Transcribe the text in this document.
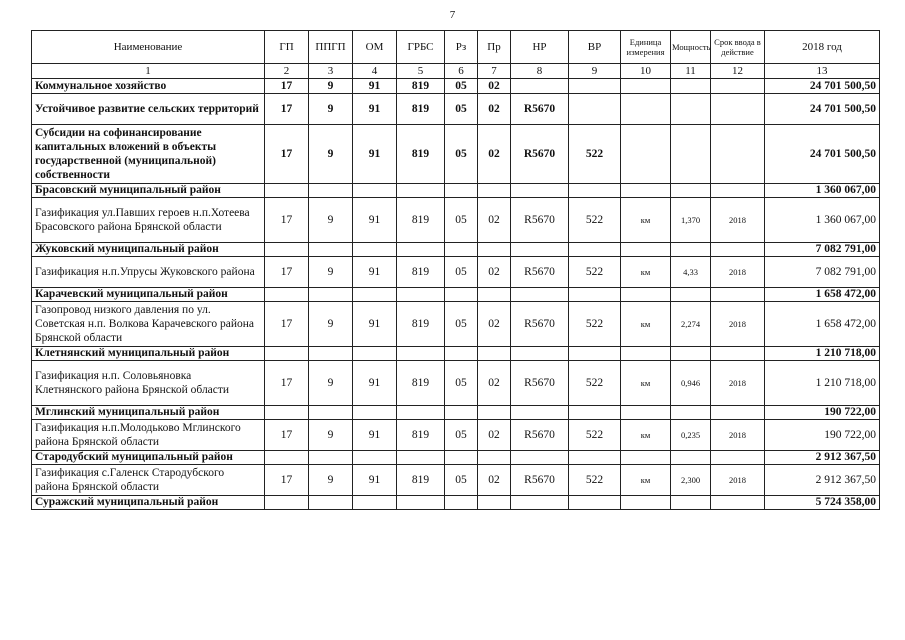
7
Наименование	ГП	ППГП	ОМ	ГРБС	Рз	Пр	НР	ВР	Единица измерения	Мощность	Срок ввода в действие	2018 год
1	2	3	4	5	6	7	8	9	10	11	12	13
Коммунальное хозяйство	17	9	91	819	05	02						24 701 500,50
Устойчивое развитие сельских территорий	17	9	91	819	05	02	R5670					24 701 500,50
Субсидии на софинансирование капитальных вложений в объекты государственной (муниципальной) собственности	17	9	91	819	05	02	R5670	522				24 701 500,50
Брасовский муниципальный район												1 360 067,00
Газификация ул.Павших героев н.п.Хотеева Брасовского района Брянской области	17	9	91	819	05	02	R5670	522	км	1,370	2018	1 360 067,00
Жуковский муниципальный район												7 082 791,00
Газификация н.п.Упрусы Жуковского района	17	9	91	819	05	02	R5670	522	км	4,33	2018	7 082 791,00
Карачевский муниципальный район												1 658 472,00
Газопровод низкого давления по ул. Советская н.п. Волкова Карачевского района Брянской области	17	9	91	819	05	02	R5670	522	км	2,274	2018	1 658 472,00
Клетнянский муниципальный район												1 210 718,00
Газификация н.п. Соловьяновка Клетнянского района Брянской области	17	9	91	819	05	02	R5670	522	км	0,946	2018	1 210 718,00
Мглинский муниципальный район												190 722,00
Газификация н.п.Молодьково Мглинского района Брянской области	17	9	91	819	05	02	R5670	522	км	0,235	2018	190 722,00
Стародубский муниципальный район												2 912 367,50
Газификация с.Галенск Стародубского района Брянской области	17	9	91	819	05	02	R5670	522	км	2,300	2018	2 912 367,50
Суражский муниципальный район												5 724 358,00
